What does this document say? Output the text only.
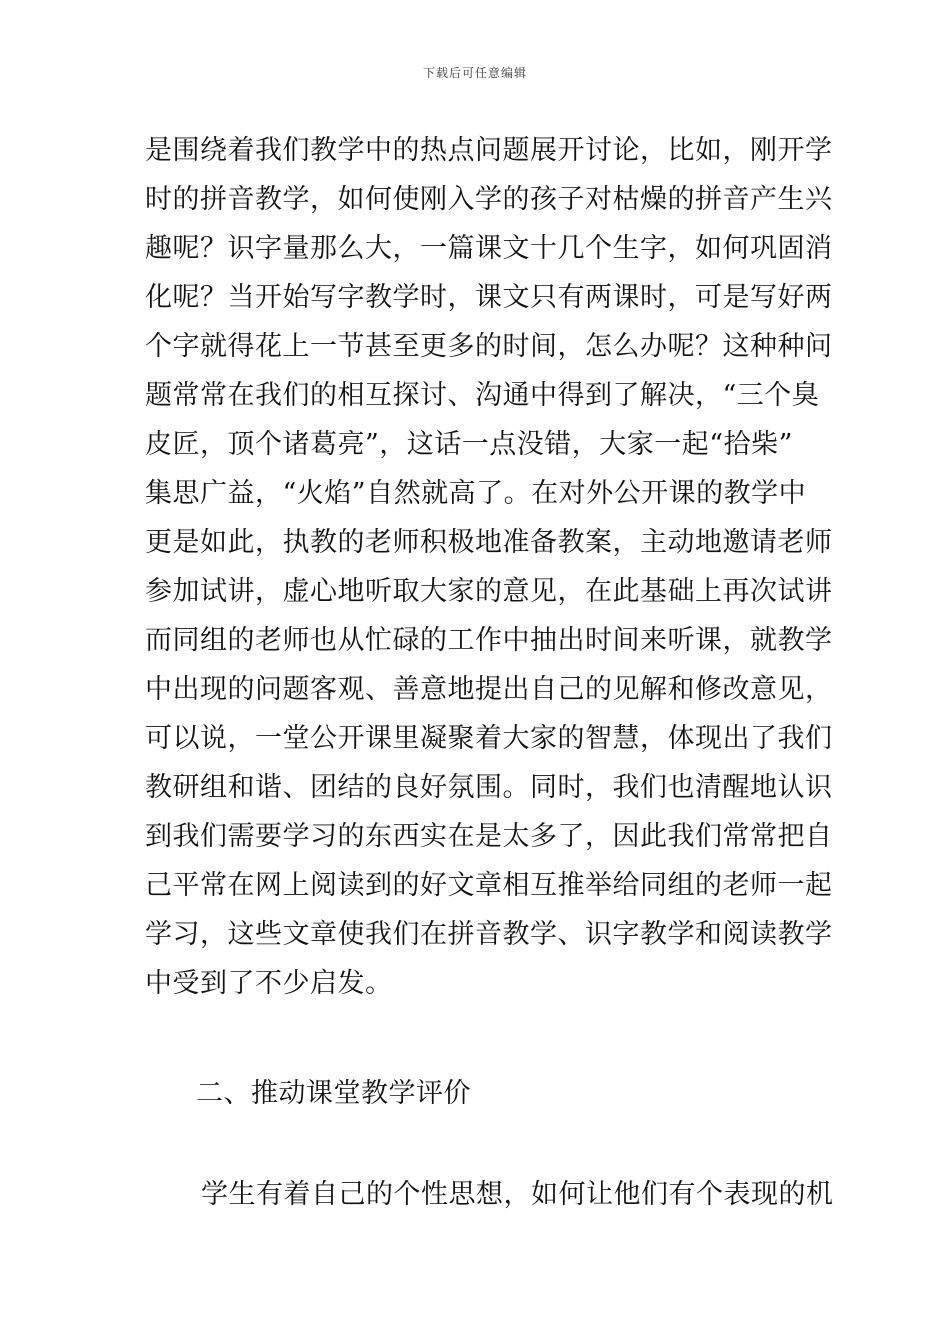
下载后可任意编辑
是围绕着我们教学中的热点问题展开讨论，比如，刚开学
时的拼音教学，如何使刚入学的孩子对枯燥的拼音产生兴
趣呢？识字量那么大，一篇课文十几个生字，如何巩固消
化呢？当开始写字教学时，课文只有两课时，可是写好两
个字就得花上一节甚至更多的时间，怎么办呢？这种种问
题常常在我们的相互探讨、沟通中得到了解决，“三个臭
皮匠，顶个诸葛亮”，这话一点没错，大家一起“拾柴”
集思广益，“火焰”自然就高了。在对外公开课的教学中
更是如此，执教的老师积极地准备教案，主动地邀请老师
参加试讲，虚心地听取大家的意见，在此基础上再次试讲
而同组的老师也从忙碌的工作中抽出时间来听课，就教学
中出现的问题客观、善意地提出自己的见解和修改意见，
可以说，一堂公开课里凝聚着大家的智慧，体现出了我们
教研组和谐、团结的良好氛围。同时，我们也清醒地认识
到我们需要学习的东西实在是太多了，因此我们常常把自
己平常在网上阅读到的好文章相互推举给同组的老师一起
学习，这些文章使我们在拼音教学、识字教学和阅读教学
中受到了不少启发。
二、推动课堂教学评价
学生有着自己的个性思想，如何让他们有个表现的机
